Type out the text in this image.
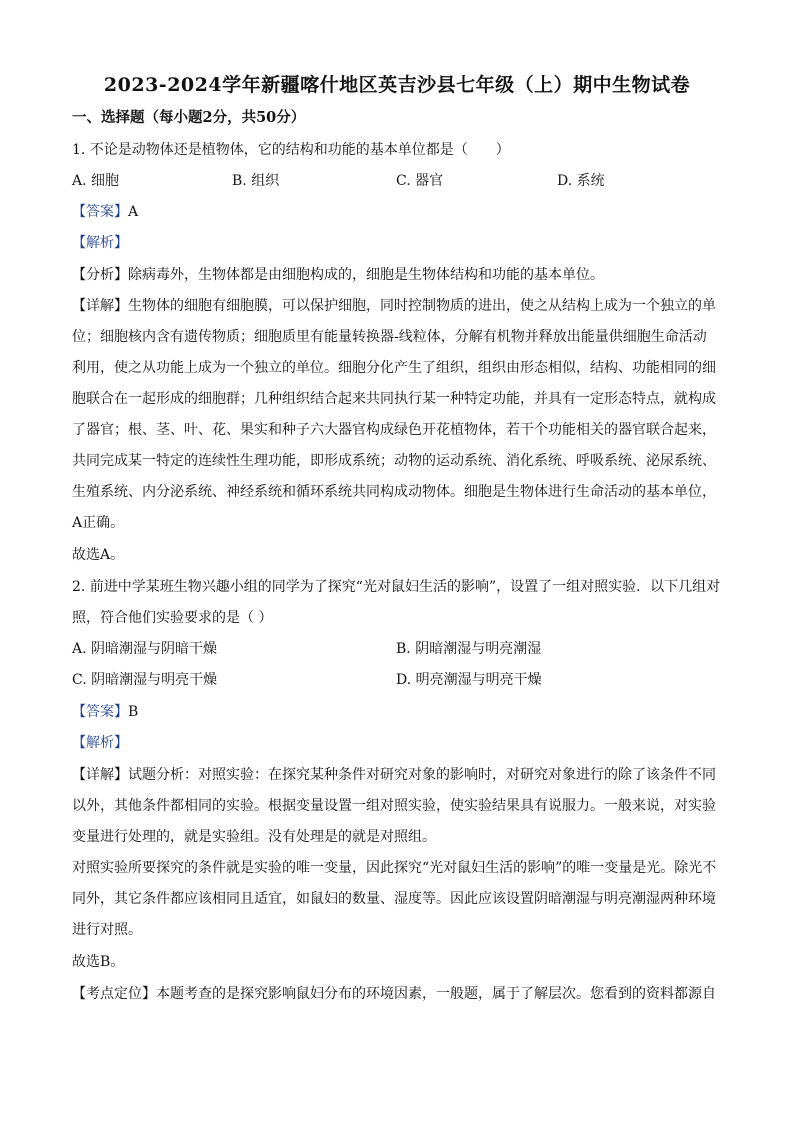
2023-2024学年新疆喀什地区英吉沙县七年级（上）期中生物试卷
一、选择题（每小题2分，共50分）
1. 不论是动物体还是植物体，它的结构和功能的基本单位都是（　　）
A. 细胞	B. 组织	C. 器官	D. 系统
【答案】A
【解析】
【分析】除病毒外，生物体都是由细胞构成的，细胞是生物体结构和功能的基本单位。
【详解】生物体的细胞有细胞膜，可以保护细胞，同时控制物质的进出，使之从结构上成为一个独立的单
位；细胞核内含有遗传物质；细胞质里有能量转换器-线粒体，分解有机物并释放出能量供细胞生命活动
利用，使之从功能上成为一个独立的单位。细胞分化产生了组织，组织由形态相似，结构、功能相同的细
胞联合在一起形成的细胞群；几种组织结合起来共同执行某一种特定功能，并具有一定形态特点，就构成
了器官；根、茎、叶、花、果实和种子六大器官构成绿色开花植物体，若干个功能相关的器官联合起来，
共同完成某一特定的连续性生理功能，即形成系统；动物的运动系统、消化系统、呼吸系统、泌尿系统、
生殖系统、内分泌系统、神经系统和循环系统共同构成动物体。细胞是生物体进行生命活动的基本单位，
A正确。
故选A。
2. 前进中学某班生物兴趣小组的同学为了探究“光对鼠妇生活的影响”，设置了一组对照实验．以下几组对
照，符合他们实验要求的是（ ）
A. 阴暗潮湿与阴暗干燥	B. 阴暗潮湿与明亮潮湿
C. 阴暗潮湿与明亮干燥	D. 明亮潮湿与明亮干燥
【答案】B
【解析】
【详解】试题分析：对照实验：在探究某种条件对研究对象的影响时，对研究对象进行的除了该条件不同
以外，其他条件都相同的实验。根据变量设置一组对照实验，使实验结果具有说服力。一般来说，对实验
变量进行处理的，就是实验组。没有处理是的就是对照组。
对照实验所要探究的条件就是实验的唯一变量，因此探究“光对鼠妇生活的影响”的唯一变量是光。除光不
同外，其它条件都应该相同且适宜，如鼠妇的数量、湿度等。因此应该设置阴暗潮湿与明亮潮湿两种环境
进行对照。
故选B。
【考点定位】本题考查的是探究影响鼠妇分布的环境因素，一般题，属于了解层次。您看到的资料都源自
